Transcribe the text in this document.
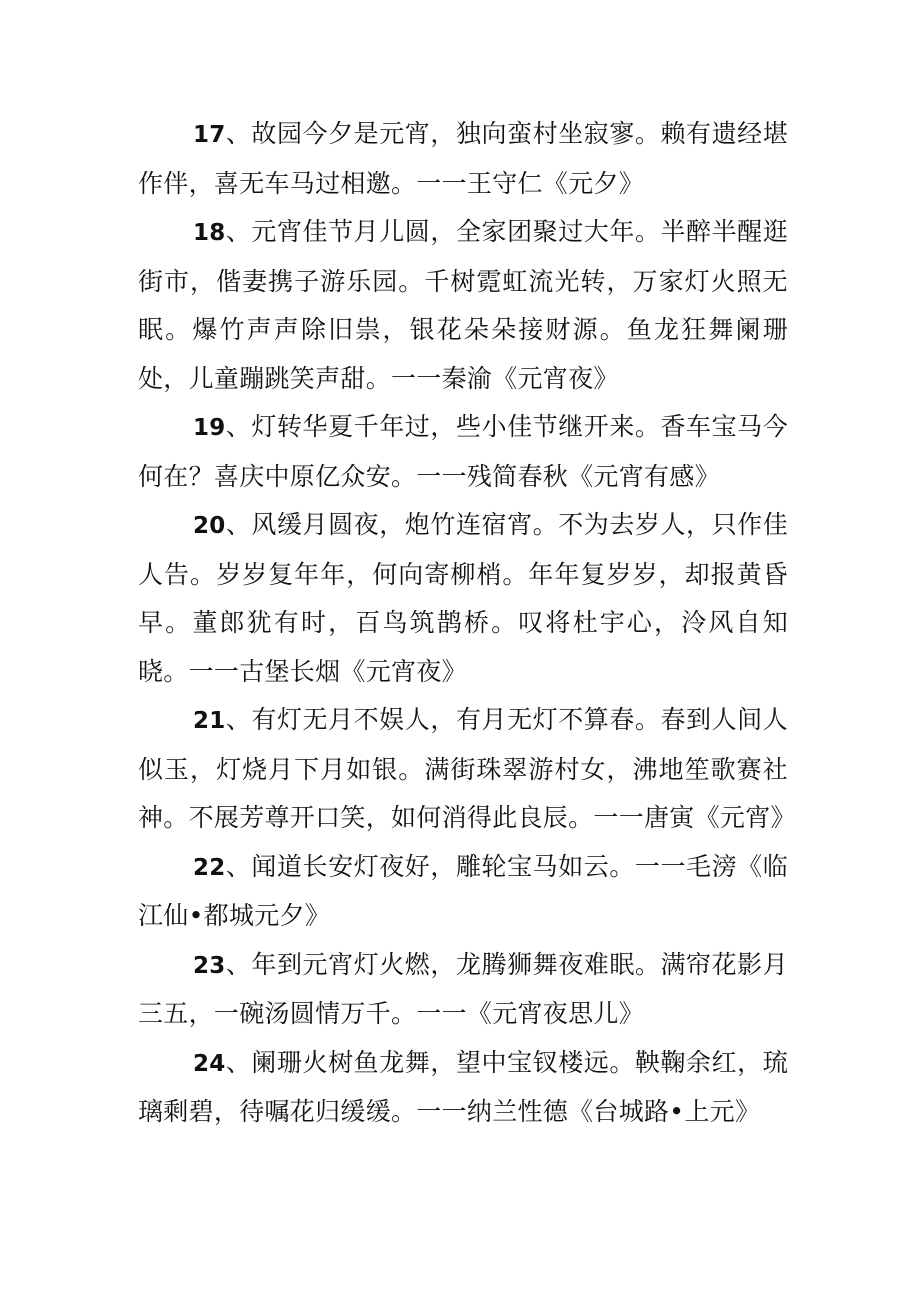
17、故园今夕是元宵，独向蛮村坐寂寥。赖有遗经堪作伴，喜无车马过相邀。一一王守仁《元夕》

18、元宵佳节月儿圆，全家团聚过大年。半醉半醒逛街市，偕妻携子游乐园。千树霓虹流光转，万家灯火照无眠。爆竹声声除旧祟，银花朵朵接财源。鱼龙狂舞阑珊处，儿童蹦跳笑声甜。一一秦渝《元宵夜》

19、灯转华夏千年过，些小佳节继开来。香车宝马今何在？喜庆中原亿众安。一一残简春秋《元宵有感》

20、风缓月圆夜，炮竹连宿宵。不为去岁人，只作佳人告。岁岁复年年，何向寄柳梢。年年复岁岁，却报黄昏早。董郎犹有时，百鸟筑鹊桥。叹将杜宇心，泠风自知晓。一一古堡长烟《元宵夜》

21、有灯无月不娱人，有月无灯不算春。春到人间人似玉，灯烧月下月如银。满街珠翠游村女，沸地笙歌赛社神。不展芳尊开口笑，如何消得此良辰。一一唐寅《元宵》

22、闻道长安灯夜好，雕轮宝马如云。一一毛滂《临江仙•都城元夕》

23、年到元宵灯火燃，龙腾狮舞夜难眠。满帘花影月三五，一碗汤圆情万千。一一《元宵夜思儿》

24、阑珊火树鱼龙舞，望中宝钗楼远。鞅鞠余红，琉璃剩碧，待嘱花归缓缓。一一纳兰性德《台城路•上元》
